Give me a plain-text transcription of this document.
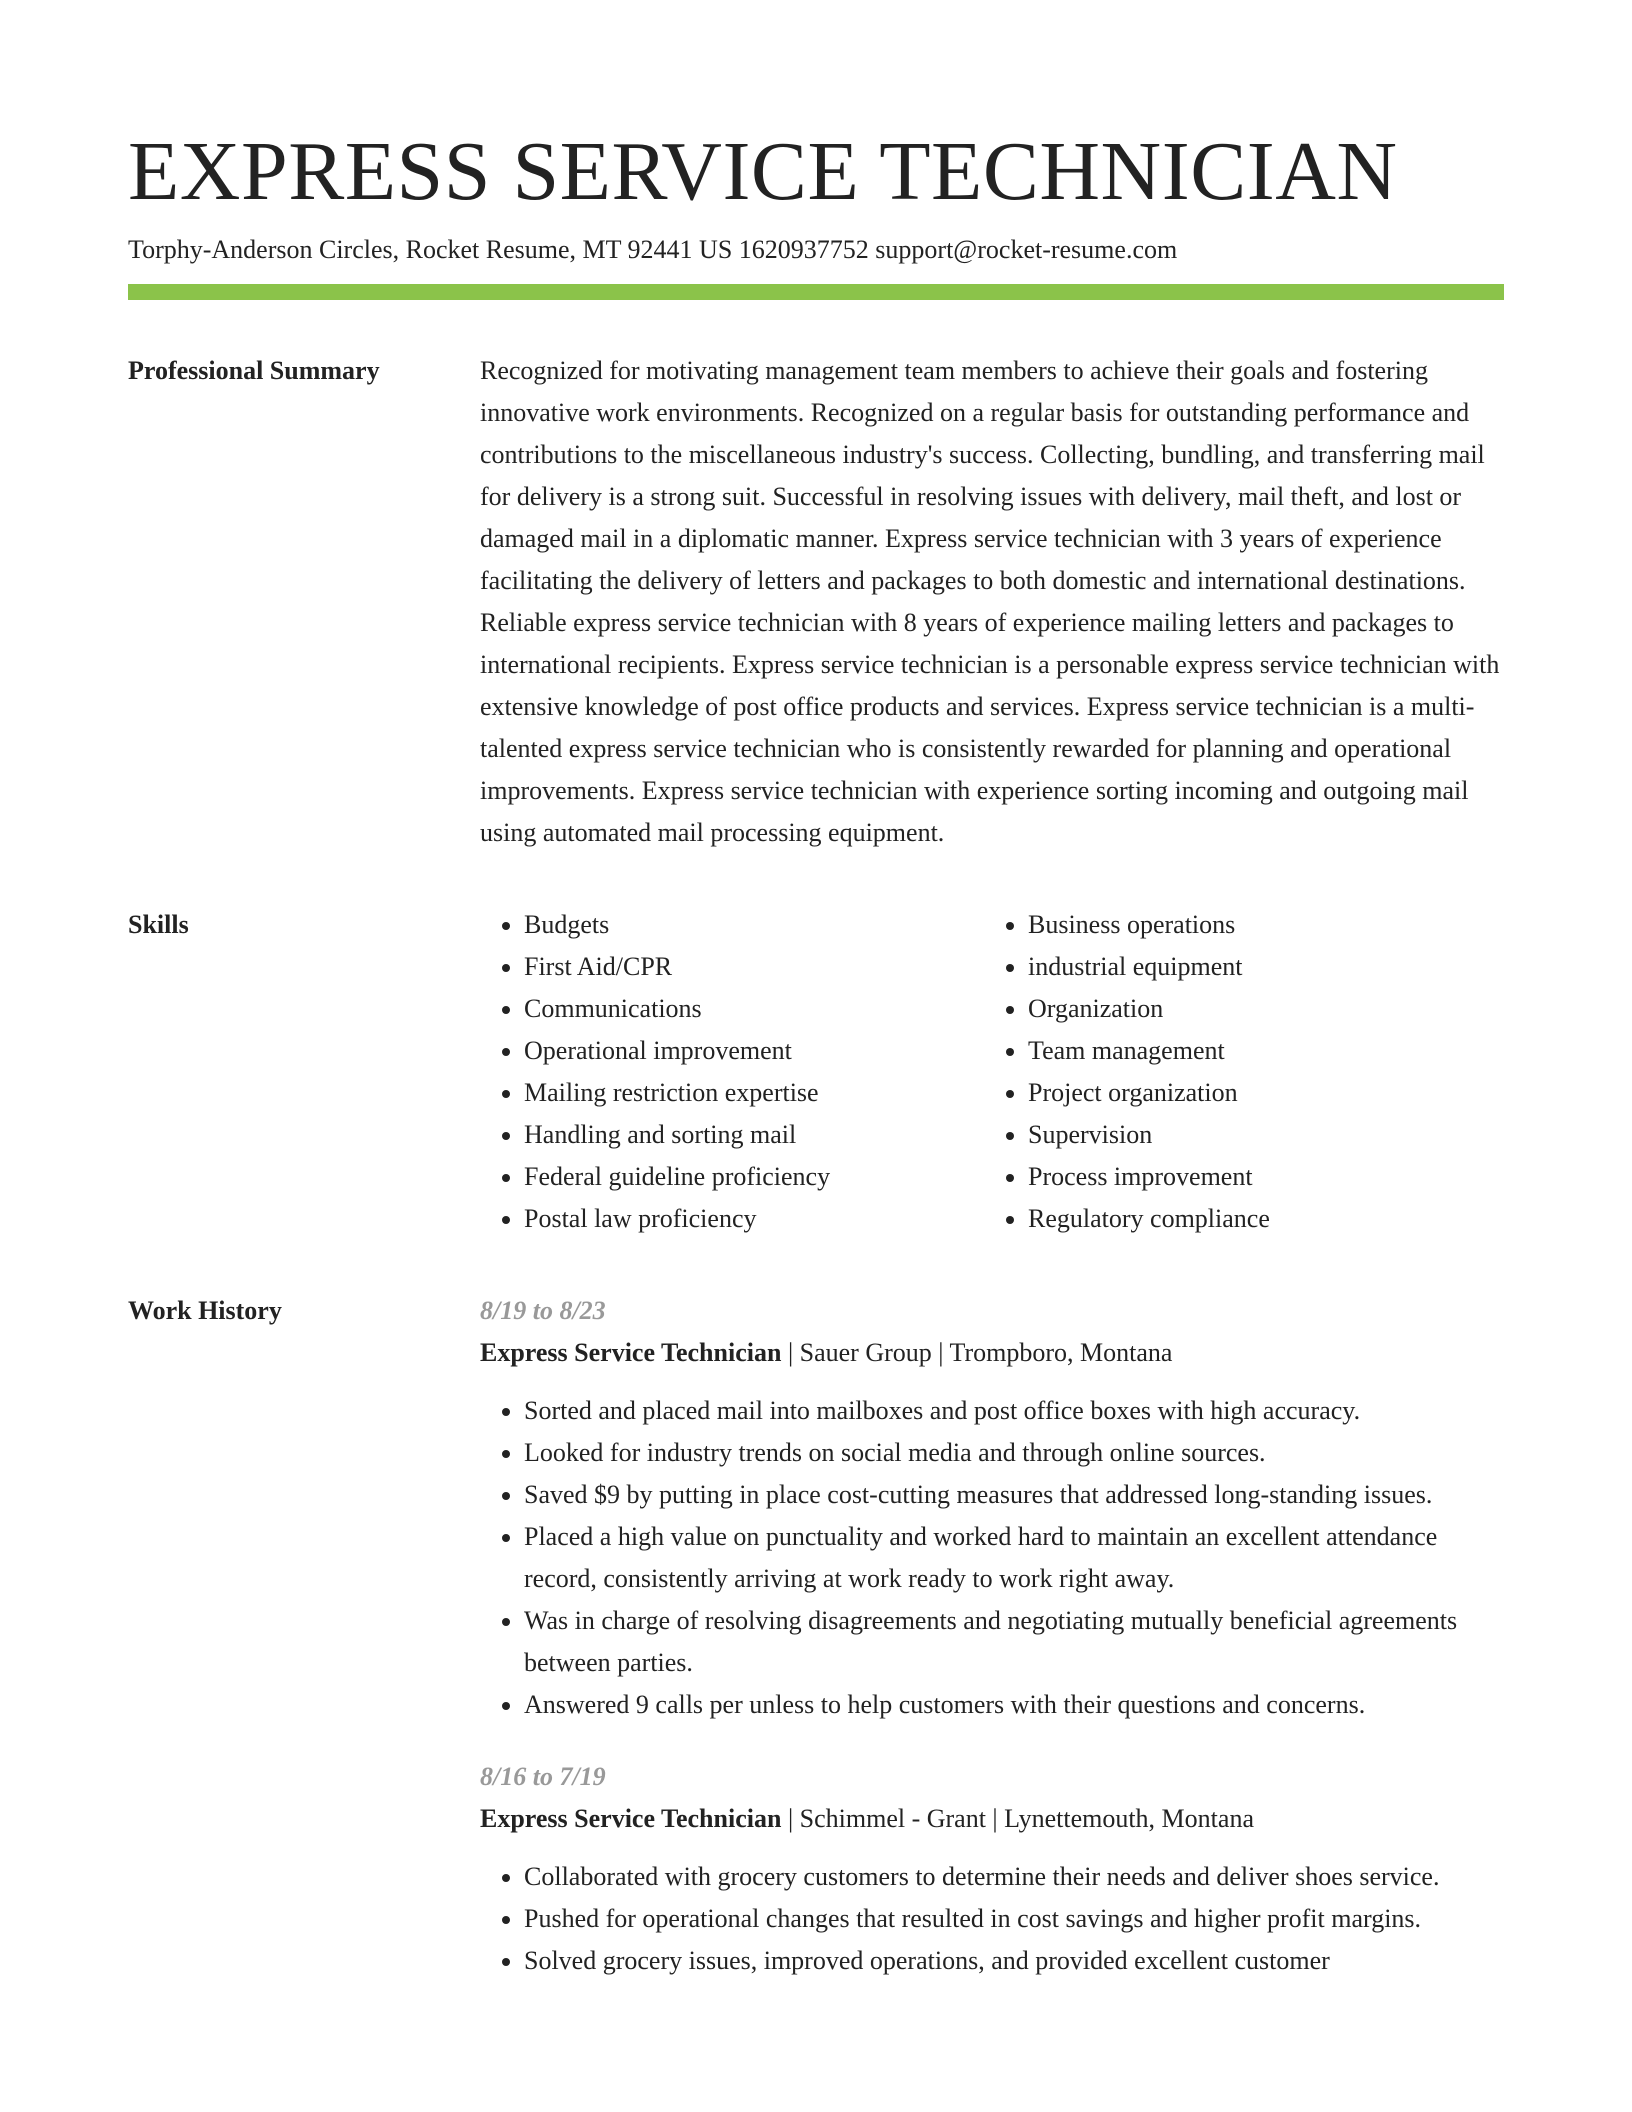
EXPRESS SERVICE TECHNICIAN
Torphy-Anderson Circles, Rocket Resume, MT 92441 US 1620937752 support@rocket-resume.com
Professional Summary	Recognized for motivating management team members to achieve their goals and fostering innovative work environments. Recognized on a regular basis for outstanding performance and contributions to the miscellaneous industry's success. Collecting, bundling, and transferring mail for delivery is a strong suit. Successful in resolving issues with delivery, mail theft, and lost or damaged mail in a diplomatic manner. Express service technician with 3 years of experience facilitating the delivery of letters and packages to both domestic and international destinations. Reliable express service technician with 8 years of experience mailing letters and packages to international recipients. Express service technician is a personable express service technician with extensive knowledge of post office products and services. Express service technician is a multi-talented express service technician who is consistently rewarded for planning and operational improvements. Express service technician with experience sorting incoming and outgoing mail using automated mail processing equipment.

Skills
•	Budgets
• First Aid/CPR
• Communications
• Operational improvement
• Mailing restriction expertise
• Handling and sorting mail
• Federal guideline proficiency
• Postal law proficiency
• Business operations
• industrial equipment
• Organization
• Team management
• Project organization
• Supervision
• Process improvement
• Regulatory compliance
Work History	8/19 to 8/23
Express Service Technician | Sauer Group | Trompboro, Montana
• Sorted and placed mail into mailboxes and post office boxes with high accuracy.
• Looked for industry trends on social media and through online sources.
• Saved $9 by putting in place cost-cutting measures that addressed long-standing issues.
• Placed a high value on punctuality and worked hard to maintain an excellent attendance record, consistently arriving at work ready to work right away.
• Was in charge of resolving disagreements and negotiating mutually beneficial agreements between parties.
• Answered 9 calls per unless to help customers with their questions and concerns.
8/16 to 7/19
Express Service Technician | Schimmel - Grant | Lynettemouth, Montana
• Collaborated with grocery customers to determine their needs and deliver shoes service.
• Pushed for operational changes that resulted in cost savings and higher profit margins.
• Solved grocery issues, improved operations, and provided excellent customer
